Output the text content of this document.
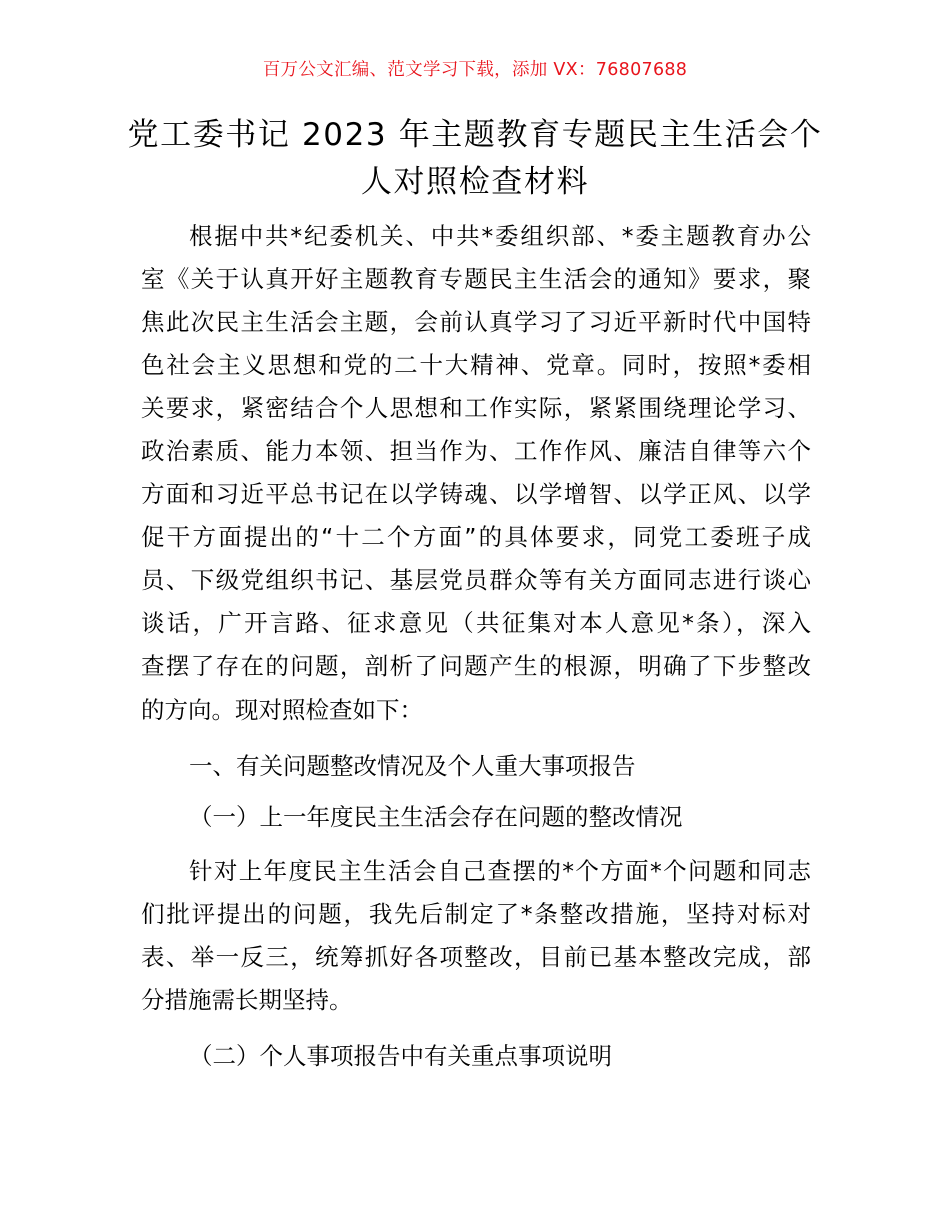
百万公文汇编、范文学习下载，添加 VX：76807688
党工委书记 2023 年主题教育专题民主生活会个
人对照检查材料
根据中共*纪委机关、中共*委组织部、*委主题教育办公
室《关于认真开好主题教育专题民主生活会的通知》要求，聚
焦此次民主生活会主题，会前认真学习了习近平新时代中国特
色社会主义思想和党的二十大精神、党章。同时，按照*委相
关要求，紧密结合个人思想和工作实际，紧紧围绕理论学习、
政治素质、能力本领、担当作为、工作作风、廉洁自律等六个
方面和习近平总书记在以学铸魂、以学增智、以学正风、以学
促干方面提出的“十二个方面”的具体要求，同党工委班子成
员、下级党组织书记、基层党员群众等有关方面同志进行谈心
谈话，广开言路、征求意见（共征集对本人意见*条），深入
查摆了存在的问题，剖析了问题产生的根源，明确了下步整改
的方向。现对照检查如下：
一、有关问题整改情况及个人重大事项报告
（一）上一年度民主生活会存在问题的整改情况
针对上年度民主生活会自己查摆的*个方面*个问题和同志
们批评提出的问题，我先后制定了*条整改措施，坚持对标对
表、举一反三，统筹抓好各项整改，目前已基本整改完成，部
分措施需长期坚持。
（二）个人事项报告中有关重点事项说明
